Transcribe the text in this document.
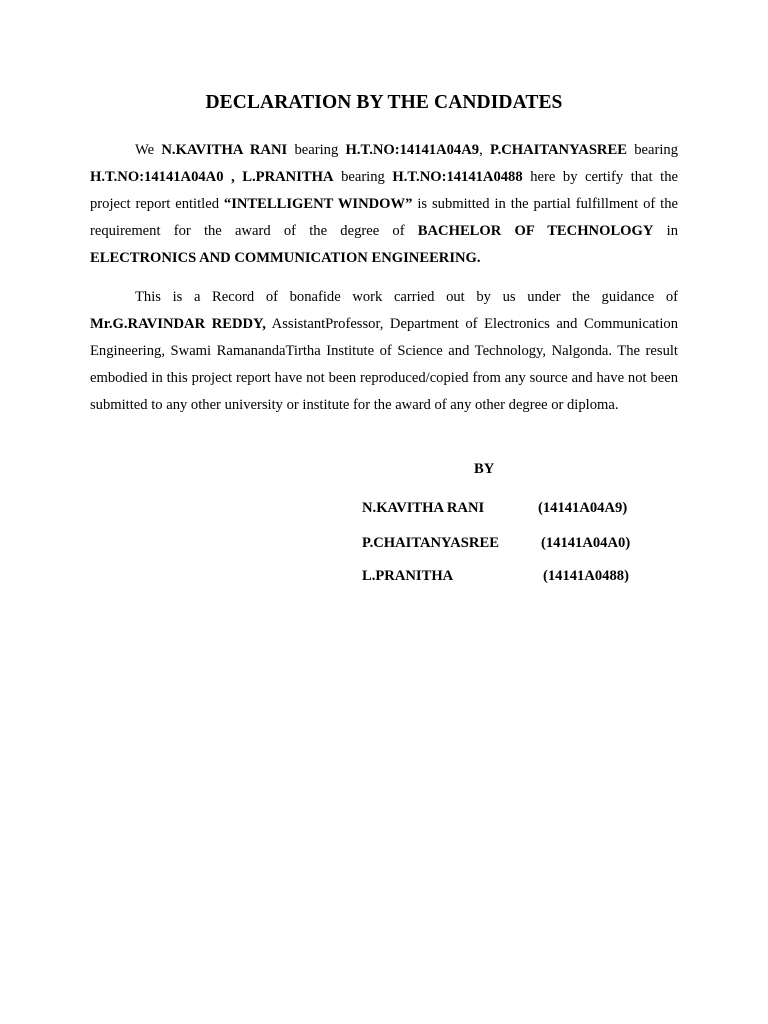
DECLARATION BY THE CANDIDATES

We N.KAVITHA RANI bearing H.T.NO:14141A04A9, P.CHAITANYASREE bearing H.T.NO:14141A04A0 , L.PRANITHA bearing H.T.NO:14141A0488 here by certify that the project report entitled “INTELLIGENT WINDOW” is submitted in the partial fulfillment of the requirement for the award of the degree of BACHELOR OF TECHNOLOGY in ELECTRONICS AND COMMUNICATION ENGINEERING.

This is a Record of bonafide work carried out by us under the guidance of Mr.G.RAVINDAR REDDY, AssistantProfessor, Department of Electronics and Communication Engineering, Swami RamanandaTirtha Institute of Science and Technology, Nalgonda. The result embodied in this project report have not been reproduced/copied from any source and have not been submitted to any other university or institute for the award of any other degree or diploma.

BY
N.KAVITHA RANI	(14141A04A9)
P.CHAITANYASREE	(14141A04A0)
L.PRANITHA	(14141A0488)
